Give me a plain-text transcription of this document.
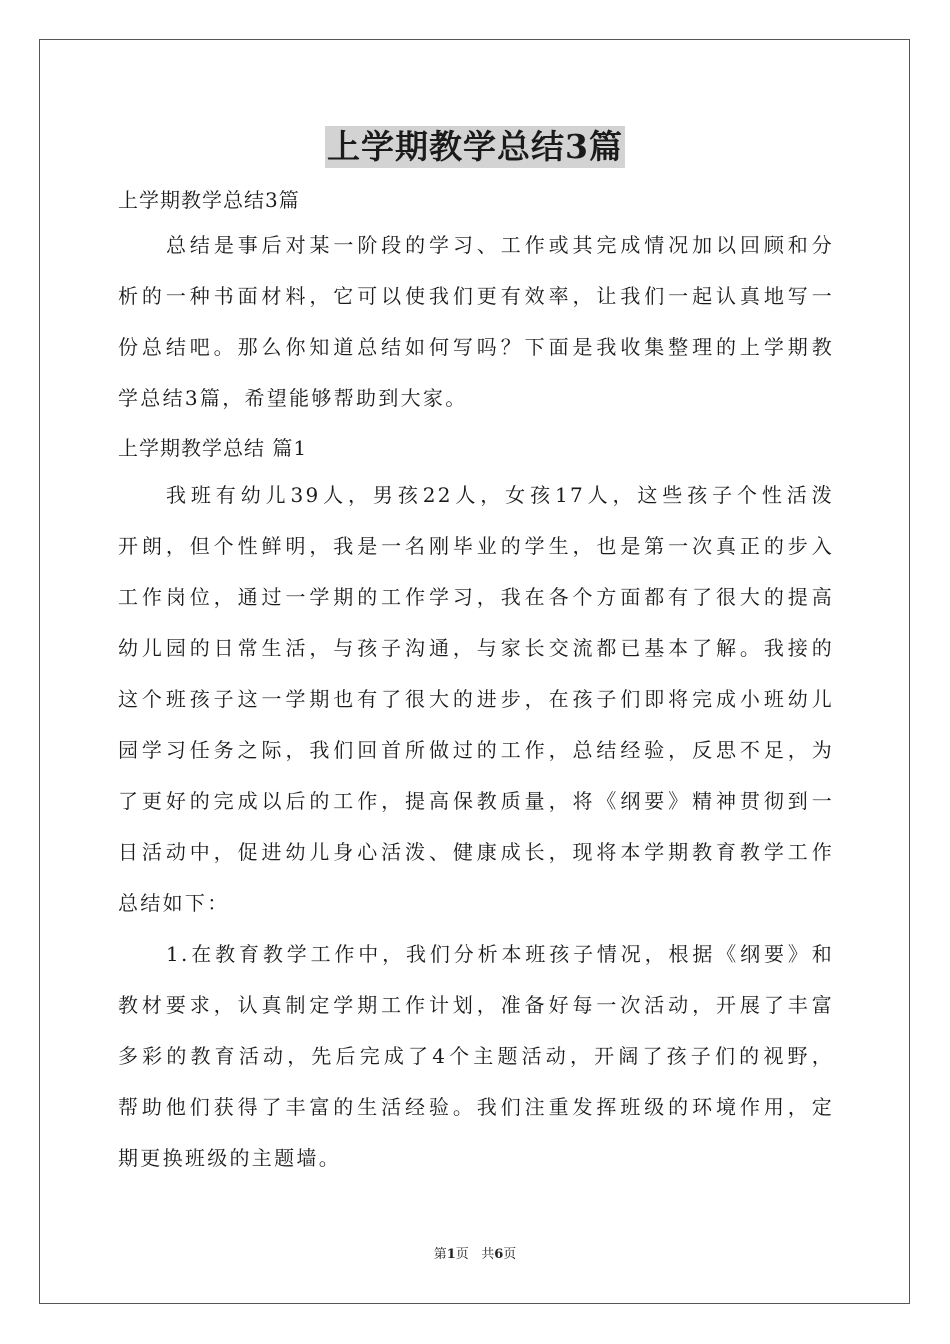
上学期教学总结3篇
上学期教学总结3篇
总结是事后对某一阶段的学习、工作或其完成情况加以回顾和分
析的一种书面材料，它可以使我们更有效率，让我们一起认真地写一
份总结吧。那么你知道总结如何写吗？下面是我收集整理的上学期教
学总结3篇，希望能够帮助到大家。
上学期教学总结 篇1
我班有幼儿39人，男孩22人，女孩17人，这些孩子个性活泼
开朗，但个性鲜明，我是一名刚毕业的学生，也是第一次真正的步入
工作岗位，通过一学期的工作学习，我在各个方面都有了很大的提高
幼儿园的日常生活，与孩子沟通，与家长交流都已基本了解。我接的
这个班孩子这一学期也有了很大的进步，在孩子们即将完成小班幼儿
园学习任务之际，我们回首所做过的工作，总结经验，反思不足，为
了更好的完成以后的工作，提高保教质量，将《纲要》精神贯彻到一
日活动中，促进幼儿身心活泼、健康成长，现将本学期教育教学工作
总结如下：
1.在教育教学工作中，我们分析本班孩子情况，根据《纲要》和
教材要求，认真制定学期工作计划，准备好每一次活动，开展了丰富
多彩的教育活动，先后完成了4个主题活动，开阔了孩子们的视野，
帮助他们获得了丰富的生活经验。我们注重发挥班级的环境作用，定
期更换班级的主题墙。
第1页 共6页
